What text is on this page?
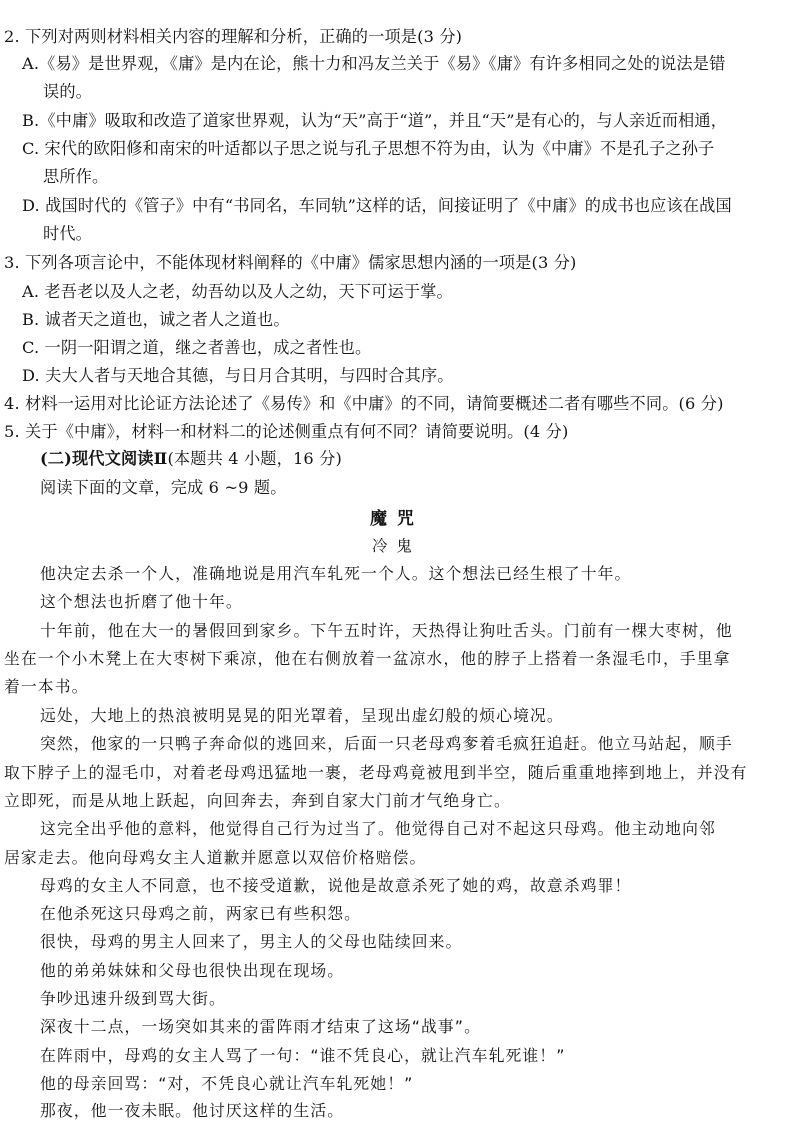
2. 下列对两则材料相关内容的理解和分析，正确的一项是(3 分)
A.《易》是世界观，《庸》是内在论，熊十力和冯友兰关于《易》《庸》有许多相同之处的说法是错
误的。
B.《中庸》吸取和改造了道家世界观，认为“天”高于“道”，并且“天”是有心的，与人亲近而相通，
C. 宋代的欧阳修和南宋的叶适都以子思之说与孔子思想不符为由，认为《中庸》不是孔子之孙子
思所作。
D. 战国时代的《管子》中有“书同名，车同轨”这样的话，间接证明了《中庸》的成书也应该在战国
时代。
3. 下列各项言论中，不能体现材料阐释的《中庸》儒家思想内涵的一项是(3 分)
A. 老吾老以及人之老，幼吾幼以及人之幼，天下可运于掌。
B. 诚者天之道也，诚之者人之道也。
C. 一阴一阳谓之道，继之者善也，成之者性也。
D. 夫大人者与天地合其德，与日月合其明，与四时合其序。
4. 材料一运用对比论证方法论述了《易传》和《中庸》的不同，请简要概述二者有哪些不同。(6 分)
5. 关于《中庸》，材料一和材料二的论述侧重点有何不同？请简要说明。(4 分)
(二)现代文阅读Ⅱ(本题共 4 小题，16 分)
阅读下面的文章，完成 6 ~9 题。
魔 咒
冷 鬼
他决定去杀一个人，准确地说是用汽车轧死一个人。这个想法已经生根了十年。
这个想法也折磨了他十年。
十年前，他在大一的暑假回到家乡。下午五时许，天热得让狗吐舌头。门前有一棵大枣树，他
坐在一个小木凳上在大枣树下乘凉，他在右侧放着一盆凉水，他的脖子上搭着一条湿毛巾，手里拿
着一本书。
远处，大地上的热浪被明晃晃的阳光罩着，呈现出虚幻般的烦心境况。
突然，他家的一只鸭子奔命似的逃回来，后面一只老母鸡奓着毛疯狂追赶。他立马站起，顺手
取下脖子上的湿毛巾，对着老母鸡迅猛地一裹，老母鸡竟被甩到半空，随后重重地摔到地上，并没有
立即死，而是从地上跃起，向回奔去，奔到自家大门前才气绝身亡。
这完全出乎他的意料，他觉得自己行为过当了。他觉得自己对不起这只母鸡。他主动地向邻
居家走去。他向母鸡女主人道歉并愿意以双倍价格赔偿。
母鸡的女主人不同意，也不接受道歉，说他是故意杀死了她的鸡，故意杀鸡罪！
在他杀死这只母鸡之前，两家已有些积怨。
很快，母鸡的男主人回来了，男主人的父母也陆续回来。
他的弟弟妹妹和父母也很快出现在现场。
争吵迅速升级到骂大街。
深夜十二点，一场突如其来的雷阵雨才结束了这场“战事”。
在阵雨中，母鸡的女主人骂了一句：“谁不凭良心，就让汽车轧死谁！”
他的母亲回骂：“对，不凭良心就让汽车轧死她！”
那夜，他一夜未眠。他讨厌这样的生活。
